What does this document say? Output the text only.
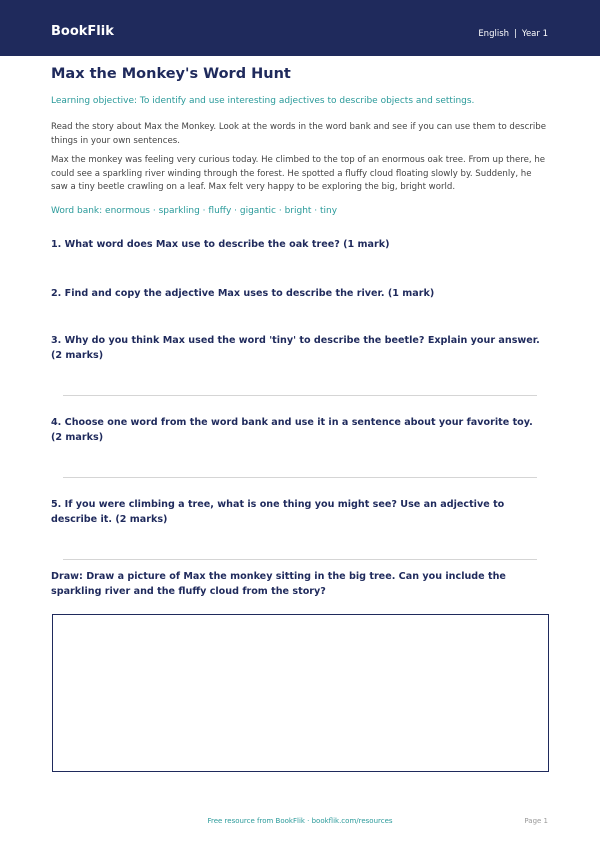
BookFlik	English | Year 1
Max the Monkey's Word Hunt
Learning objective: To identify and use interesting adjectives to describe objects and settings.
Read the story about Max the Monkey. Look at the words in the word bank and see if you can use them to describe things in your own sentences.
Max the monkey was feeling very curious today. He climbed to the top of an enormous oak tree. From up there, he could see a sparkling river winding through the forest. He spotted a fluffy cloud floating slowly by. Suddenly, he saw a tiny beetle crawling on a leaf. Max felt very happy to be exploring the big, bright world.
Word bank: enormous · sparkling · fluffy · gigantic · bright · tiny
1. What word does Max use to describe the oak tree? (1 mark)
2. Find and copy the adjective Max uses to describe the river. (1 mark)
3. Why do you think Max used the word 'tiny' to describe the beetle? Explain your answer. (2 marks)
4. Choose one word from the word bank and use it in a sentence about your favorite toy. (2 marks)
5. If you were climbing a tree, what is one thing you might see? Use an adjective to describe it. (2 marks)
Draw: Draw a picture of Max the monkey sitting in the big tree. Can you include the sparkling river and the fluffy cloud from the story?
Free resource from BookFlik · bookflik.com/resources	Page 1
